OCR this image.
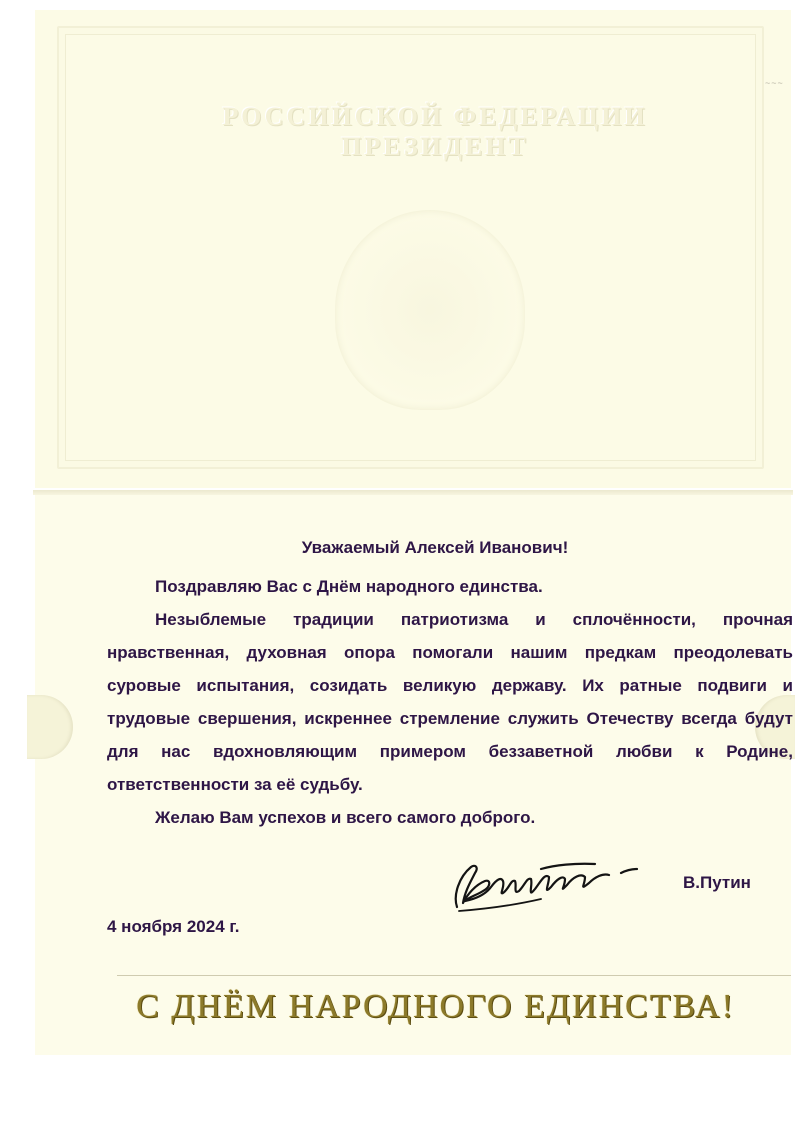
РОССИЙСКОЙ ФЕДЕРАЦИИ ПРЕЗИДЕНТ
~~~
Уважаемый Алексей Иванович!

Поздравляю Вас с Днём народного единства.

Незыблемые традиции патриотизма и сплочённости, прочная нравственная, духовная опора помогали нашим предкам преодолевать суровые испытания, созидать великую державу. Их ратные подвиги и трудовые свершения, искреннее стремление служить Отечеству всегда будут для нас вдохновляющим примером беззаветной любви к Родине, ответственности за её судьбу.

Желаю Вам успехов и всего самого доброго.

В.Путин
4 ноября 2024 г.
С ДНЁМ НАРОДНОГО ЕДИНСТВА!
